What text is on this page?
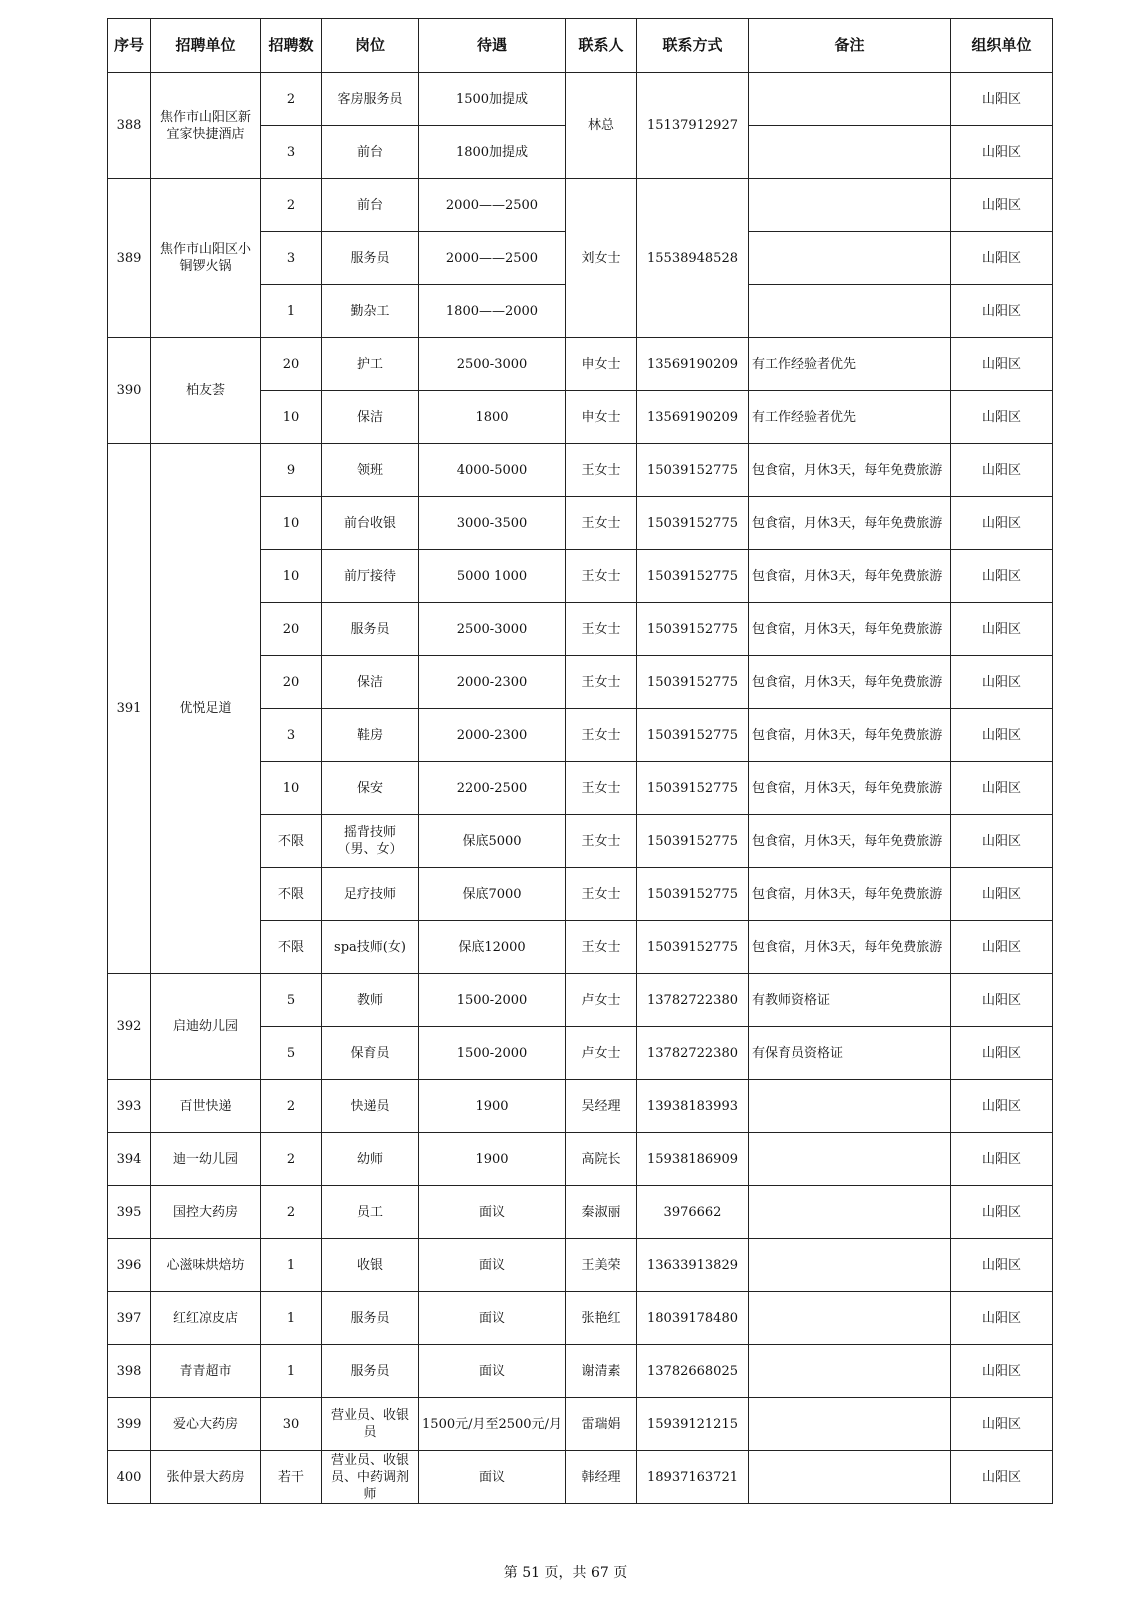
序号	招聘单位	招聘数	岗位	待遇	联系人	联系方式	备注	组织单位
388	焦作市山阳区新宜家快捷酒店	2	客房服务员	1500加提成	林总	15137912927		山阳区
		3	前台	1800加提成				山阳区
389	焦作市山阳区小铜锣火锅	2	前台	2000——2500	刘女士	15538948528		山阳区
		3	服务员	2000——2500				山阳区
		1	勤杂工	1800——2000				山阳区
390	柏友荟	20	护工	2500-3000	申女士	13569190209	有工作经验者优先	山阳区
		10	保洁	1800	申女士	13569190209	有工作经验者优先	山阳区
391	优悦足道	9	领班	4000-5000	王女士	15039152775	包食宿，月休3天，每年免费旅游	山阳区
		10	前台收银	3000-3500	王女士	15039152775	包食宿，月休3天，每年免费旅游	山阳区
		10	前厅接待	5000 1000	王女士	15039152775	包食宿，月休3天，每年免费旅游	山阳区
		20	服务员	2500-3000	王女士	15039152775	包食宿，月休3天，每年免费旅游	山阳区
		20	保洁	2000-2300	王女士	15039152775	包食宿，月休3天，每年免费旅游	山阳区
		3	鞋房	2000-2300	王女士	15039152775	包食宿，月休3天，每年免费旅游	山阳区
		10	保安	2200-2500	王女士	15039152775	包食宿，月休3天，每年免费旅游	山阳区
		不限	摇背技师（男、女）	保底5000	王女士	15039152775	包食宿，月休3天，每年免费旅游	山阳区
		不限	足疗技师	保底7000	王女士	15039152775	包食宿，月休3天，每年免费旅游	山阳区
		不限	spa技师(女)	保底12000	王女士	15039152775	包食宿，月休3天，每年免费旅游	山阳区
392	启迪幼儿园	5	教师	1500-2000	卢女士	13782722380	有教师资格证	山阳区
		5	保育员	1500-2000	卢女士	13782722380	有保育员资格证	山阳区
393	百世快递	2	快递员	1900	吴经理	13938183993		山阳区
394	迪一幼儿园	2	幼师	1900	高院长	15938186909		山阳区
395	国控大药房	2	员工	面议	秦淑丽	3976662		山阳区
396	心滋味烘焙坊	1	收银	面议	王美荣	13633913829		山阳区
397	红红凉皮店	1	服务员	面议	张艳红	18039178480		山阳区
398	青青超市	1	服务员	面议	谢清素	13782668025		山阳区
399	爱心大药房	30	营业员、收银员	1500元/月至2500元/月	雷瑞娟	15939121215		山阳区
400	张仲景大药房	若干	营业员、收银员、中药调剂师	面议	韩经理	18937163721		山阳区
第 51 页，共 67 页
